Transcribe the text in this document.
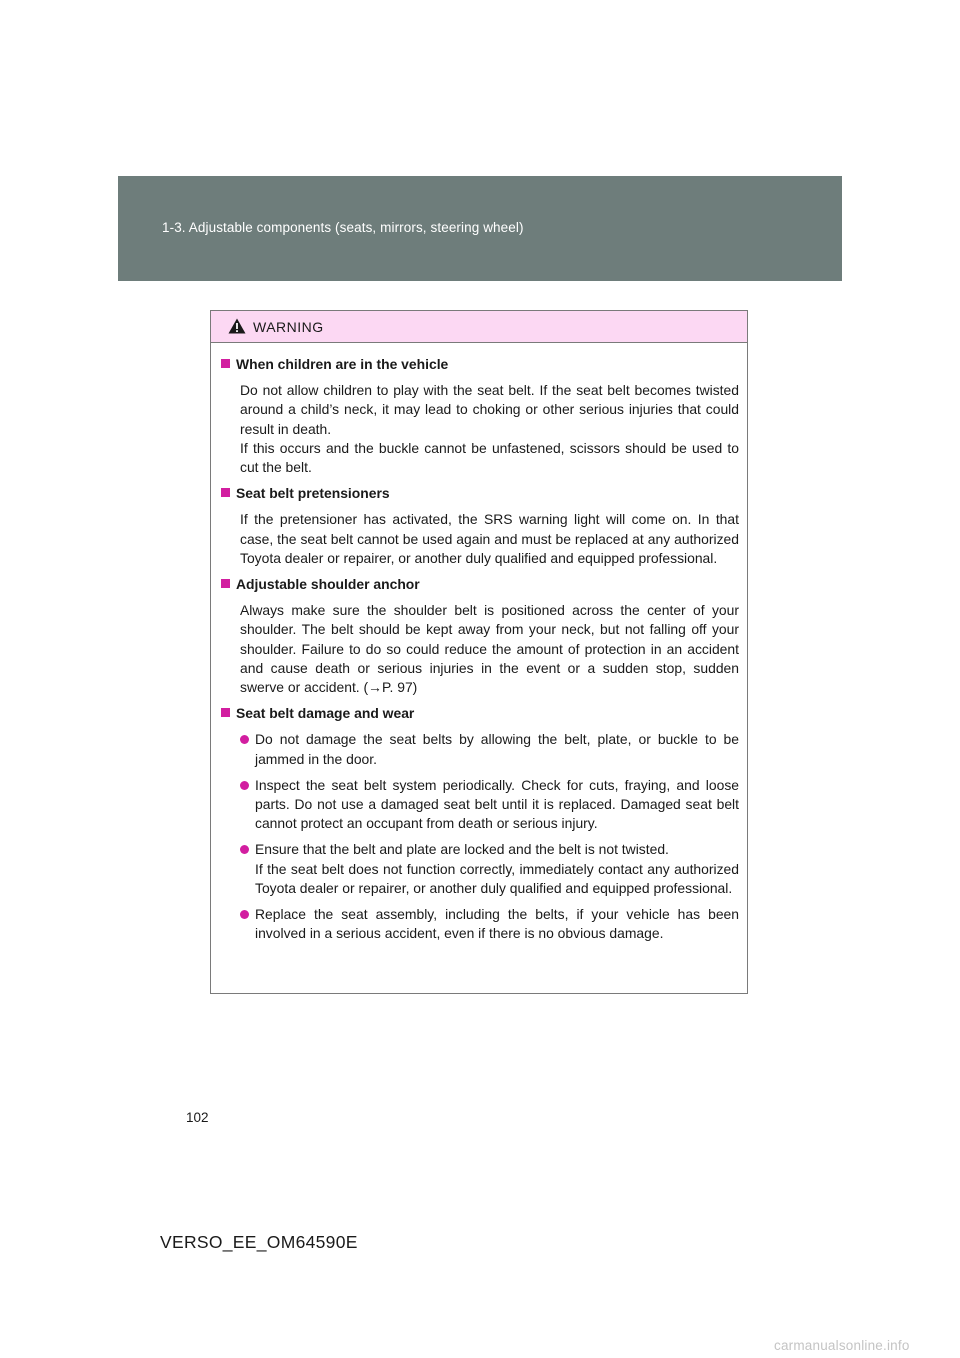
1-3. Adjustable components (seats, mirrors, steering wheel)
WARNING
When children are in the vehicle

Do not allow children to play with the seat belt. If the seat belt becomes twisted around a child’s neck, it may lead to choking or other serious injuries that could result in death.

If this occurs and the buckle cannot be unfastened, scissors should be used to cut the belt.

Seat belt pretensioners

If the pretensioner has activated, the SRS warning light will come on. In that case, the seat belt cannot be used again and must be replaced at any authorized Toyota dealer or repairer, or another duly qualified and equipped professional.

Adjustable shoulder anchor

Always make sure the shoulder belt is positioned across the center of your shoulder. The belt should be kept away from your neck, but not falling off your shoulder. Failure to do so could reduce the amount of protection in an accident and cause death or serious injuries in the event or a sudden stop, sudden swerve or accident. (→P. 97)

Seat belt damage and wear

Do not damage the seat belts by allowing the belt, plate, or buckle to be jammed in the door.

Inspect the seat belt system periodically. Check for cuts, fraying, and loose parts. Do not use a damaged seat belt until it is replaced. Damaged seat belt cannot protect an occupant from death or serious injury.

Ensure that the belt and plate are locked and the belt is not twisted.

If the seat belt does not function correctly, immediately contact any authorized Toyota dealer or repairer, or another duly qualified and equipped professional.

Replace the seat assembly, including the belts, if your vehicle has been involved in a serious accident, even if there is no obvious damage.

102
VERSO_EE_OM64590E
carmanualsonline.info
